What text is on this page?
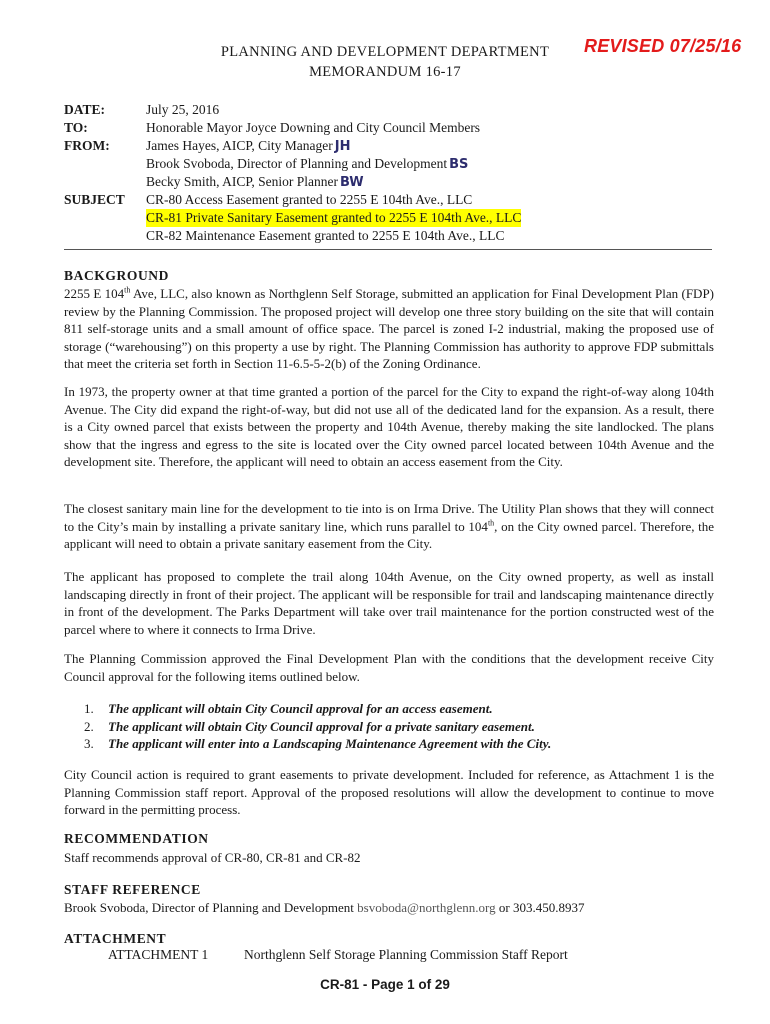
REVISED 07/25/16
PLANNING AND DEVELOPMENT DEPARTMENT
MEMORANDUM 16-17
DATE:	July 25, 2016
TO:	Honorable Mayor Joyce Downing and City Council Members
FROM:	James Hayes, AICP, City Manager JH
Brook Svoboda, Director of Planning and Development BS
Becky Smith, AICP, Senior Planner BW
SUBJECT	CR-80 Access Easement granted to 2255 E 104th Ave., LLC
CR-81 Private Sanitary Easement granted to 2255 E 104th Ave., LLC
CR-82 Maintenance Easement granted to 2255 E 104th Ave., LLC
BACKGROUND

2255 E 104th Ave, LLC, also known as Northglenn Self Storage, submitted an application for Final Development Plan (FDP) review by the Planning Commission. The proposed project will develop one three story building on the site that will contain 811 self-storage units and a small amount of office space. The parcel is zoned I-2 industrial, making the proposed use of storage (“warehousing”) on this property a use by right. The Planning Commission has authority to approve FDP submittals that meet the criteria set forth in Section 11-6.5-5-2(b) of the Zoning Ordinance.

In 1973, the property owner at that time granted a portion of the parcel for the City to expand the right-of-way along 104th Avenue. The City did expand the right-of-way, but did not use all of the dedicated land for the expansion. As a result, there is a City owned parcel that exists between the property and 104th Avenue, thereby making the site landlocked. The plans show that the ingress and egress to the site is located over the City owned parcel located between 104th Avenue and the development site. Therefore, the applicant will need to obtain an access easement from the City.

The closest sanitary main line for the development to tie into is on Irma Drive. The Utility Plan shows that they will connect to the City’s main by installing a private sanitary line, which runs parallel to 104th, on the City owned parcel. Therefore, the applicant will need to obtain a private sanitary easement from the City.

The applicant has proposed to complete the trail along 104th Avenue, on the City owned property, as well as install landscaping directly in front of their project. The applicant will be responsible for trail and landscaping maintenance directly in front of the development. The Parks Department will take over trail maintenance for the portion constructed west of the parcel where to where it connects to Irma Drive.

The Planning Commission approved the Final Development Plan with the conditions that the development receive City Council approval for the following items outlined below.

1. The applicant will obtain City Council approval for an access easement.
2. The applicant will obtain City Council approval for a private sanitary easement.
3. The applicant will enter into a Landscaping Maintenance Agreement with the City.

City Council action is required to grant easements to private development. Included for reference, as Attachment 1 is the Planning Commission staff report. Approval of the proposed resolutions will allow the development to continue to move forward in the permitting process.

RECOMMENDATION

Staff recommends approval of CR-80, CR-81 and CR-82

STAFF REFERENCE

Brook Svoboda, Director of Planning and Development bsvoboda@northglenn.org or 303.450.8937

ATTACHMENT
ATTACHMENT 1	Northglenn Self Storage Planning Commission Staff Report
CR-81 - Page 1 of 29
